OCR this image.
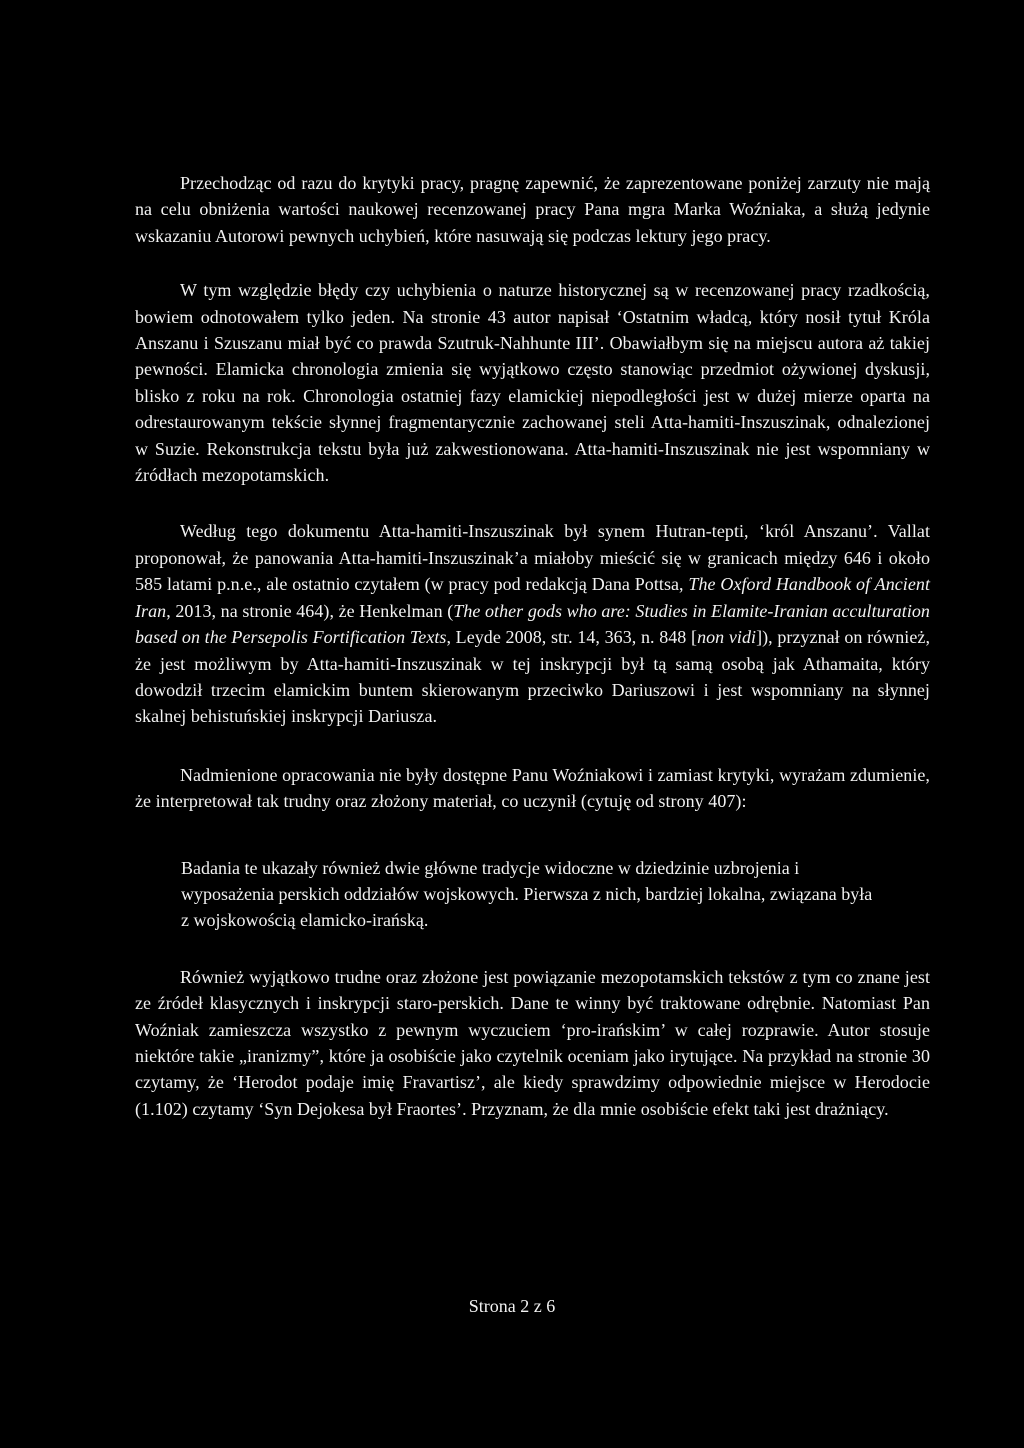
Przechodząc od razu do krytyki pracy, pragnę zapewnić, że zaprezentowane poniżej zarzuty nie mają na celu obniżenia wartości naukowej recenzowanej pracy Pana mgra Marka Woźniaka, a służą jedynie wskazaniu Autorowi pewnych uchybień, które nasuwają się podczas lektury jego pracy.

W tym względzie błędy czy uchybienia o naturze historycznej są w recenzowanej pracy rzadkością, bowiem odnotowałem tylko jeden. Na stronie 43 autor napisał ‘Ostatnim władcą, który nosił tytuł Króla Anszanu i Szuszanu miał być co prawda Szutruk-Nahhunte III’. Obawiałbym się na miejscu autora aż takiej pewności. Elamicka chronologia zmienia się wyjątkowo często stanowiąc przedmiot ożywionej dyskusji, blisko z roku na rok. Chronologia ostatniej fazy elamickiej niepodległości jest w dużej mierze oparta na odrestaurowanym tekście słynnej fragmentarycznie zachowanej steli Atta-hamiti-Inszuszinak, odnalezionej w Suzie. Rekonstrukcja tekstu była już zakwestionowana. Atta-hamiti-Inszuszinak nie jest wspomniany w źródłach mezopotamskich.

Według tego dokumentu Atta-hamiti-Inszuszinak był synem Hutran-tepti, ‘król Anszanu’. Vallat proponował, że panowania Atta-hamiti-Inszuszinak’a miałoby mieścić się w granicach między 646 i około 585 latami p.n.e., ale ostatnio czytałem (w pracy pod redakcją Dana Pottsa, The Oxford Handbook of Ancient Iran, 2013, na stronie 464), że Henkelman (The other gods who are: Studies in Elamite-Iranian acculturation based on the Persepolis Fortification Texts, Leyde 2008, str. 14, 363, n. 848 [non vidi]), przyznał on również, że jest możliwym by Atta-hamiti-Inszuszinak w tej inskrypcji był tą samą osobą jak Athamaita, który dowodził trzecim elamickim buntem skierowanym przeciwko Dariuszowi i jest wspomniany na słynnej skalnej behistuńskiej inskrypcji Dariusza.

Nadmienione opracowania nie były dostępne Panu Woźniakowi i zamiast krytyki, wyrażam zdumienie, że interpretował tak trudny oraz złożony materiał, co uczynił (cytuję od strony 407):

Badania te ukazały również dwie główne tradycje widoczne w dziedzinie uzbrojenia i wyposażenia perskich oddziałów wojskowych. Pierwsza z nich, bardziej lokalna, związana była z wojskowością elamicko-irańską.

Również wyjątkowo trudne oraz złożone jest powiązanie mezopotamskich tekstów z tym co znane jest ze źródeł klasycznych i inskrypcji staro-perskich. Dane te winny być traktowane odrębnie. Natomiast Pan Woźniak zamieszcza wszystko z pewnym wyczuciem ‘pro-irańskim’ w całej rozprawie. Autor stosuje niektóre takie „iranizmy”, które ja osobiście jako czytelnik oceniam jako irytujące. Na przykład na stronie 30 czytamy, że ‘Herodot podaje imię Fravartisz’, ale kiedy sprawdzimy odpowiednie miejsce w Herodocie (1.102) czytamy ‘Syn Dejokesa był Fraortes’. Przyznam, że dla mnie osobiście efekt taki jest drażniący.

Strona 2 z 6
